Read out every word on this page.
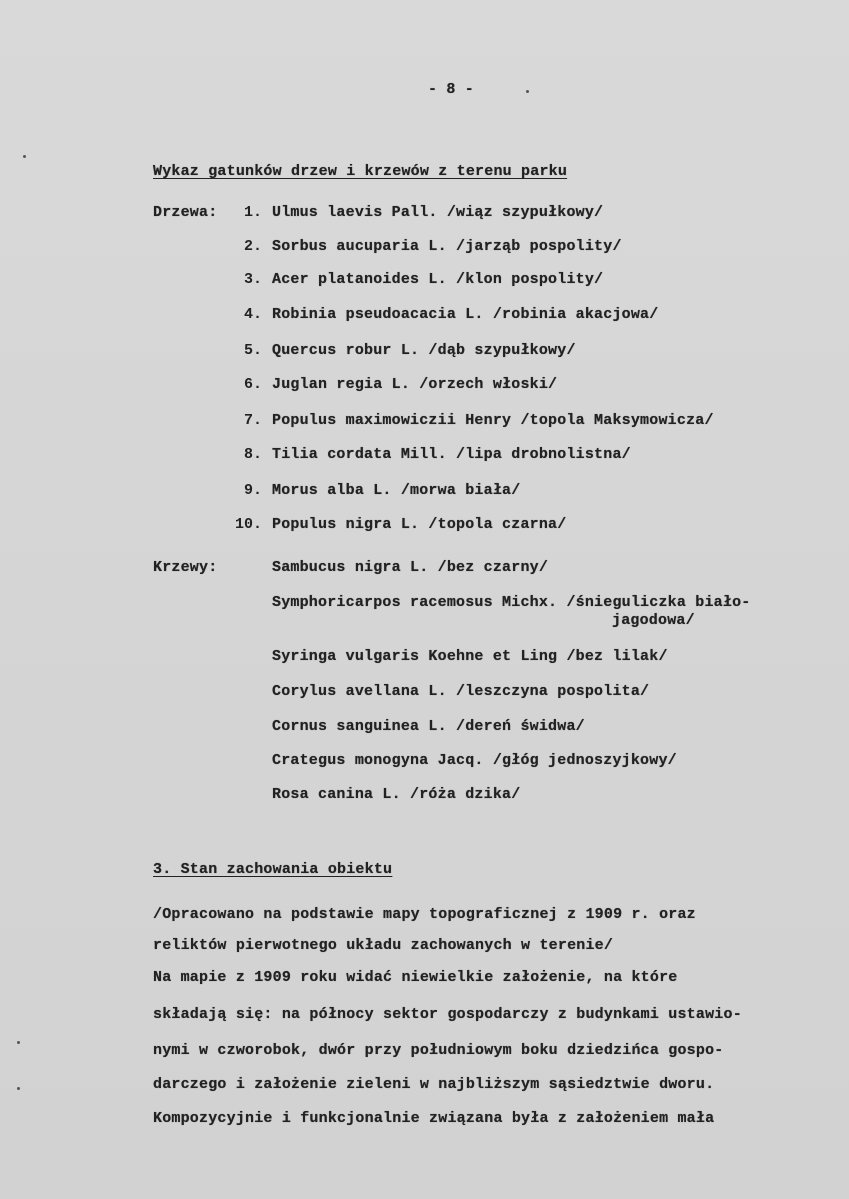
- 8 -
Wykaz gatunków drzew i krzewów z terenu parku
Drzewa:	1. Ulmus laevis Pall. /wiąz szypułkowy/
2. Sorbus aucuparia L. /jarząb pospolity/
3. Acer platanoides L. /klon pospolity/
4. Robinia pseudoacacia L. /robinia akacjowa/
5. Quercus robur L. /dąb szypułkowy/
6. Juglan regia L. /orzech włoski/
7. Populus maximowiczii Henry /topola Maksymowicza/
8. Tilia cordata Mill. /lipa drobnolistna/
9. Morus alba L. /morwa biała/
10. Populus nigra L. /topola czarna/
Krzewy:	Sambucus nigra L. /bez czarny/
Symphoricarpos racemosus Michx. /śnieguliczka biało-
jagodowa/
Syringa vulgaris Koehne et Ling /bez lilak/
Corylus avellana L. /leszczyna pospolita/
Cornus sanguinea L. /dereń świdwa/
Crategus monogyna Jacq. /głóg jednoszyjkowy/
Rosa canina L. /róża dzika/
3. Stan zachowania obiektu
/Opracowano na podstawie mapy topograficznej z 1909 r. oraz
reliktów pierwotnego układu zachowanych w terenie/
Na mapie z 1909 roku widać niewielkie założenie, na które
składają się: na północy sektor gospodarczy z budynkami ustawio-
nymi w czworobok, dwór przy południowym boku dziedzińca gospo-
darczego i założenie zieleni w najbliższym sąsiedztwie dworu.
Kompozycyjnie i funkcjonalnie związana była z założeniem mała
